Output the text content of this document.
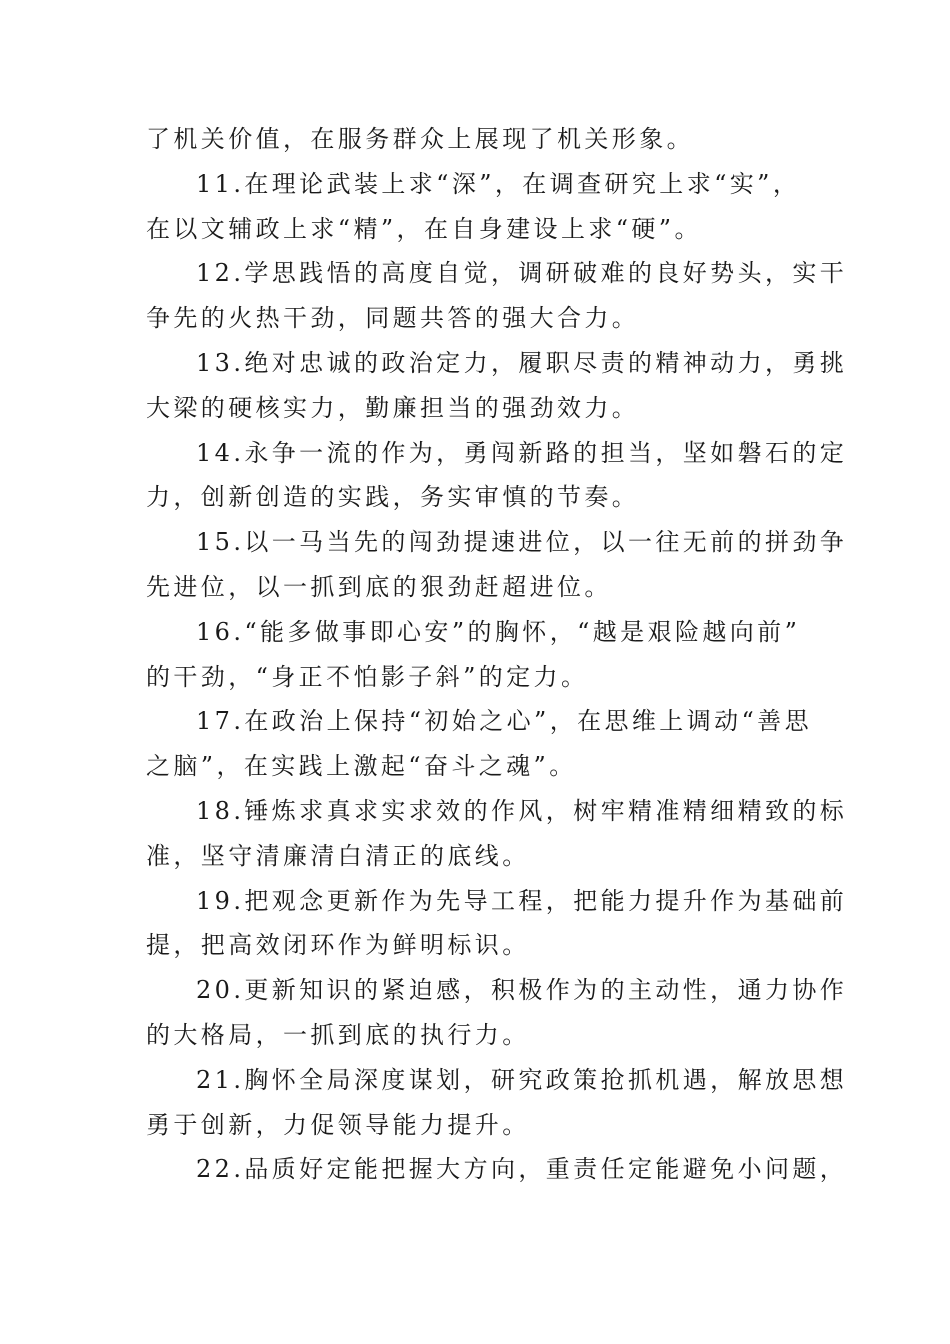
了机关价值，在服务群众上展现了机关形象。
11.在理论武装上求“深”，在调查研究上求“实”，
在以文辅政上求“精”，在自身建设上求“硬”。
12.学思践悟的高度自觉，调研破难的良好势头，实干
争先的火热干劲，同题共答的强大合力。
13.绝对忠诚的政治定力，履职尽责的精神动力，勇挑
大梁的硬核实力，勤廉担当的强劲效力。
14.永争一流的作为，勇闯新路的担当，坚如磐石的定
力，创新创造的实践，务实审慎的节奏。
15.以一马当先的闯劲提速进位，以一往无前的拼劲争
先进位，以一抓到底的狠劲赶超进位。
16.“能多做事即心安”的胸怀，“越是艰险越向前”
的干劲，“身正不怕影子斜”的定力。
17.在政治上保持“初始之心”，在思维上调动“善思
之脑”，在实践上激起“奋斗之魂”。
18.锤炼求真求实求效的作风，树牢精准精细精致的标
准，坚守清廉清白清正的底线。
19.把观念更新作为先导工程，把能力提升作为基础前
提，把高效闭环作为鲜明标识。
20.更新知识的紧迫感，积极作为的主动性，通力协作
的大格局，一抓到底的执行力。
21.胸怀全局深度谋划，研究政策抢抓机遇，解放思想
勇于创新，力促领导能力提升。
22.品质好定能把握大方向，重责任定能避免小问题，
